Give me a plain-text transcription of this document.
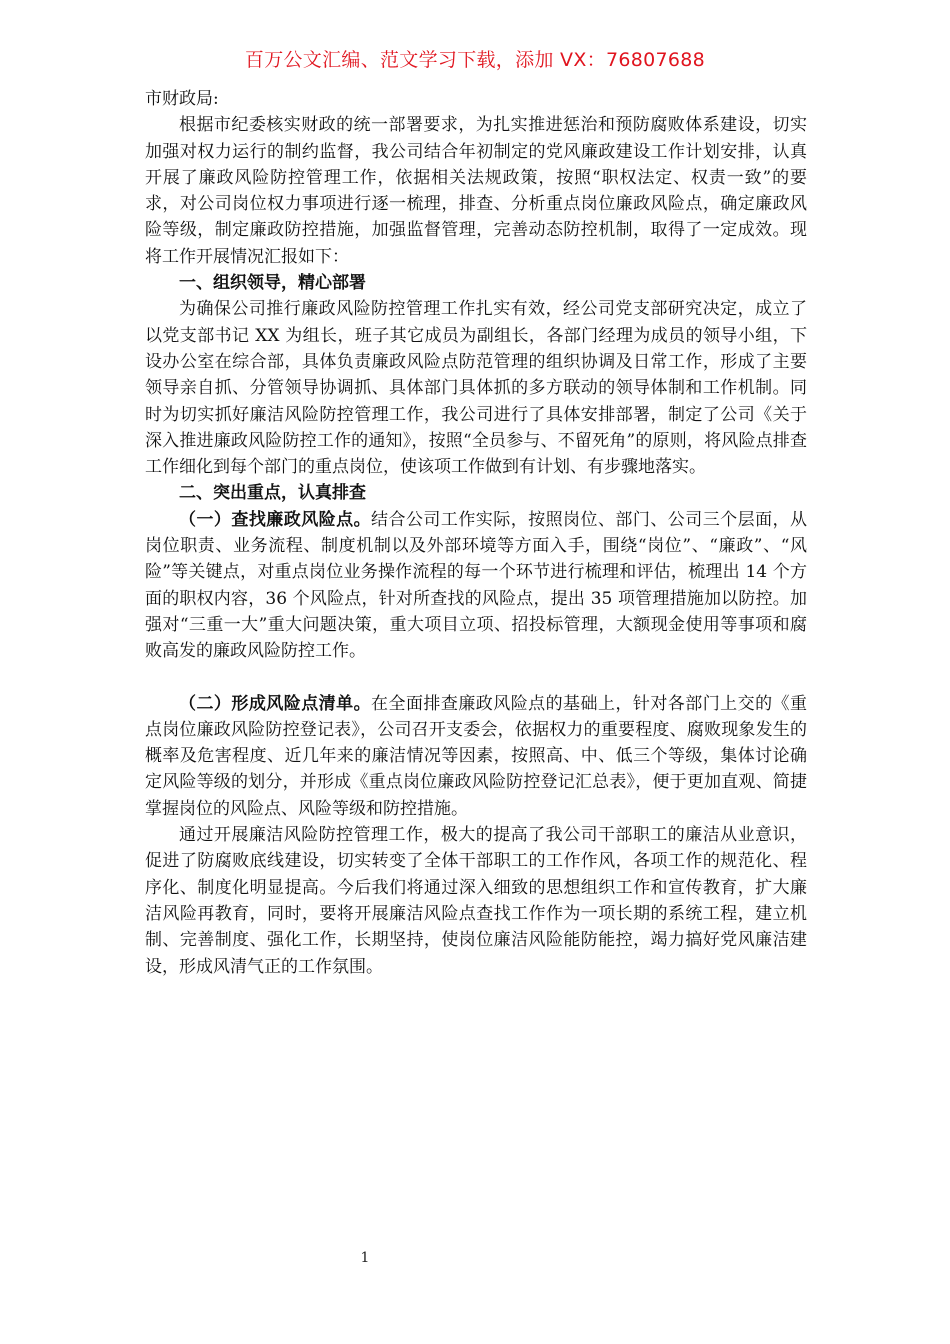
百万公文汇编、范文学习下载，添加 VX：76807688

市财政局:

根据市纪委核实财政的统一部署要求，为扎实推进惩治和预防腐败体系建设，切实加强对权力运行的制约监督，我公司结合年初制定的党风廉政建设工作计划安排，认真开展了廉政风险防控管理工作，依据相关法规政策，按照“职权法定、权责一致”的要求，对公司岗位权力事项进行逐一梳理，排查、分析重点岗位廉政风险点，确定廉政风险等级，制定廉政防控措施，加强监督管理，完善动态防控机制，取得了一定成效。现将工作开展情况汇报如下：

一、组织领导，精心部署

为确保公司推行廉政风险防控管理工作扎实有效，经公司党支部研究决定，成立了以党支部书记 XX 为组长，班子其它成员为副组长，各部门经理为成员的领导小组，下设办公室在综合部，具体负责廉政风险点防范管理的组织协调及日常工作，形成了主要领导亲自抓、分管领导协调抓、具体部门具体抓的多方联动的领导体制和工作机制。同时为切实抓好廉洁风险防控管理工作，我公司进行了具体安排部署，制定了公司《关于深入推进廉政风险防控工作的通知》，按照“全员参与、不留死角”的原则，将风险点排查工作细化到每个部门的重点岗位，使该项工作做到有计划、有步骤地落实。

二、突出重点，认真排查

（一）查找廉政风险点。结合公司工作实际，按照岗位、部门、公司三个层面，从岗位职责、业务流程、制度机制以及外部环境等方面入手，围绕“岗位”、“廉政”、“风险”等关键点，对重点岗位业务操作流程的每一个环节进行梳理和评估，梳理出 14 个方面的职权内容，36 个风险点，针对所查找的风险点，提出 35 项管理措施加以防控。加强对“三重一大”重大问题决策，重大项目立项、招投标管理，大额现金使用等事项和腐败高发的廉政风险防控工作。

（二）形成风险点清单。在全面排查廉政风险点的基础上，针对各部门上交的《重点岗位廉政风险防控登记表》，公司召开支委会，依据权力的重要程度、腐败现象发生的概率及危害程度、近几年来的廉洁情况等因素，按照高、中、低三个等级，集体讨论确定风险等级的划分，并形成《重点岗位廉政风险防控登记汇总表》，便于更加直观、简捷掌握岗位的风险点、风险等级和防控措施。

通过开展廉洁风险防控管理工作，极大的提高了我公司干部职工的廉洁从业意识，促进了防腐败底线建设，切实转变了全体干部职工的工作作风，各项工作的规范化、程序化、制度化明显提高。今后我们将通过深入细致的思想组织工作和宣传教育，扩大廉洁风险再教育，同时，要将开展廉洁风险点查找工作作为一项长期的系统工程，建立机制、完善制度、强化工作，长期坚持，使岗位廉洁风险能防能控，竭力搞好党风廉洁建设，形成风清气正的工作氛围。

1
